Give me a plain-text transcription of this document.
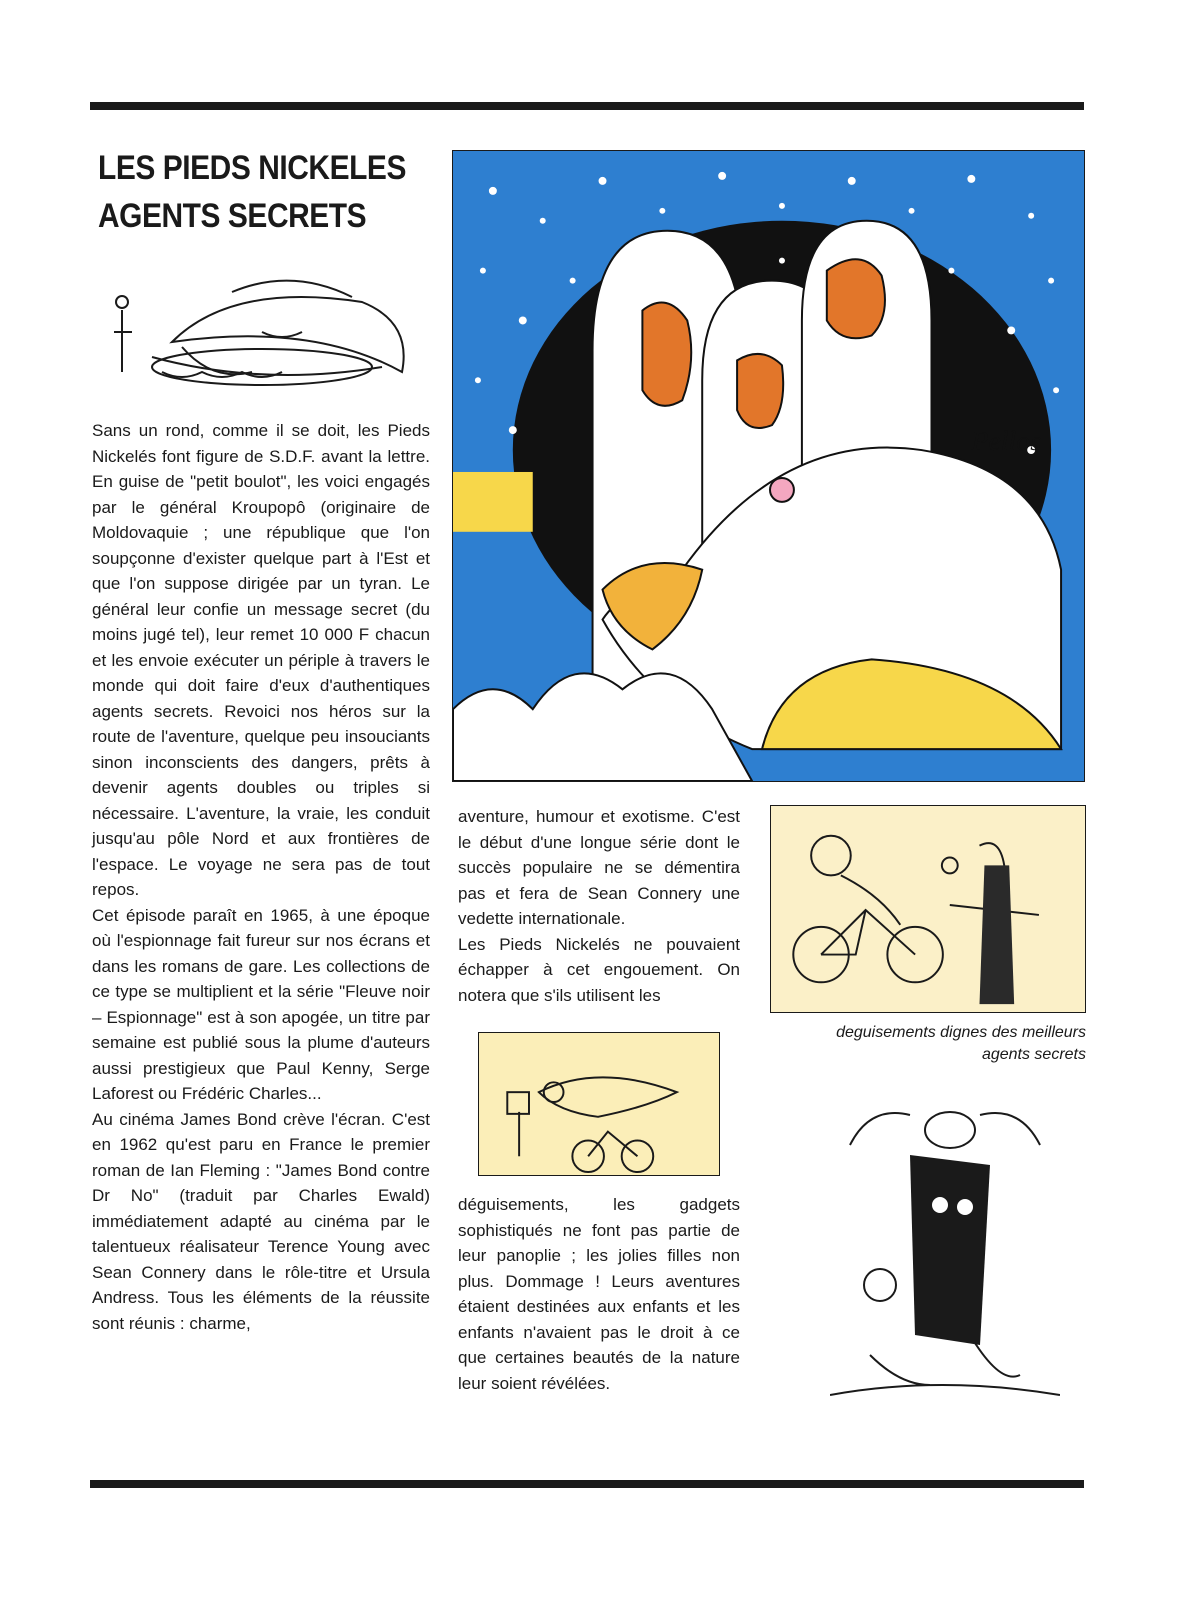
LES PIEDS NICKELES
AGENTS SECRETS

Sans un rond, comme il se doit, les Pieds Nickelés font figure de S.D.F. avant la lettre. En guise de "petit boulot", les voici engagés par le général Kroupopô (originaire de Moldovaquie ; une république que l'on soupçonne d'exister quelque part à l'Est et que l'on suppose dirigée par un tyran. Le général leur confie un message secret (du moins jugé tel), leur remet 10 000 F chacun et les envoie exécuter un périple à travers le monde qui doit faire d'eux d'authentiques agents secrets. Revoici nos héros sur la route de l'aventure, quelque peu insouciants sinon inconscients des dangers, prêts à devenir agents doubles ou triples si nécessaire. L'aventure, la vraie, les conduit jusqu'au pôle Nord et aux frontières de l'espace. Le voyage ne sera pas de tout repos.

Cet épisode paraît en 1965, à une époque où l'espionnage fait fureur sur nos écrans et dans les romans de gare. Les collections de ce type se multiplient et la série "Fleuve noir – Espionnage" est à son apogée, un titre par semaine est publié sous la plume d'auteurs aussi prestigieux que Paul Kenny, Serge Laforest ou Frédéric Charles...

Au cinéma James Bond crève l'écran. C'est en 1962 qu'est paru en France le premier roman de Ian Fleming : "James Bond contre Dr No" (traduit par Charles Ewald) immédiatement adapté au cinéma par le talentueux réalisateur Terence Young avec Sean Connery dans le rôle-titre et Ursula Andress. Tous les éléments de la réussite sont réunis : charme,

Pellos

aventure, humour et exotisme. C'est le début d'une longue série dont le succès populaire ne se démentira pas et fera de Sean Connery une vedette internationale.

Les Pieds Nickelés ne pouvaient échapper à cet engouement. On notera que s'ils utilisent les

deguisements dignes des meilleurs
agents secrets

déguisements, les gadgets sophistiqués ne font pas partie de leur panoplie ; les jolies filles non plus. Dommage ! Leurs aventures étaient destinées aux enfants et les enfants n'avaient pas le droit à ce que certaines beautés de la nature leur soient révélées.
